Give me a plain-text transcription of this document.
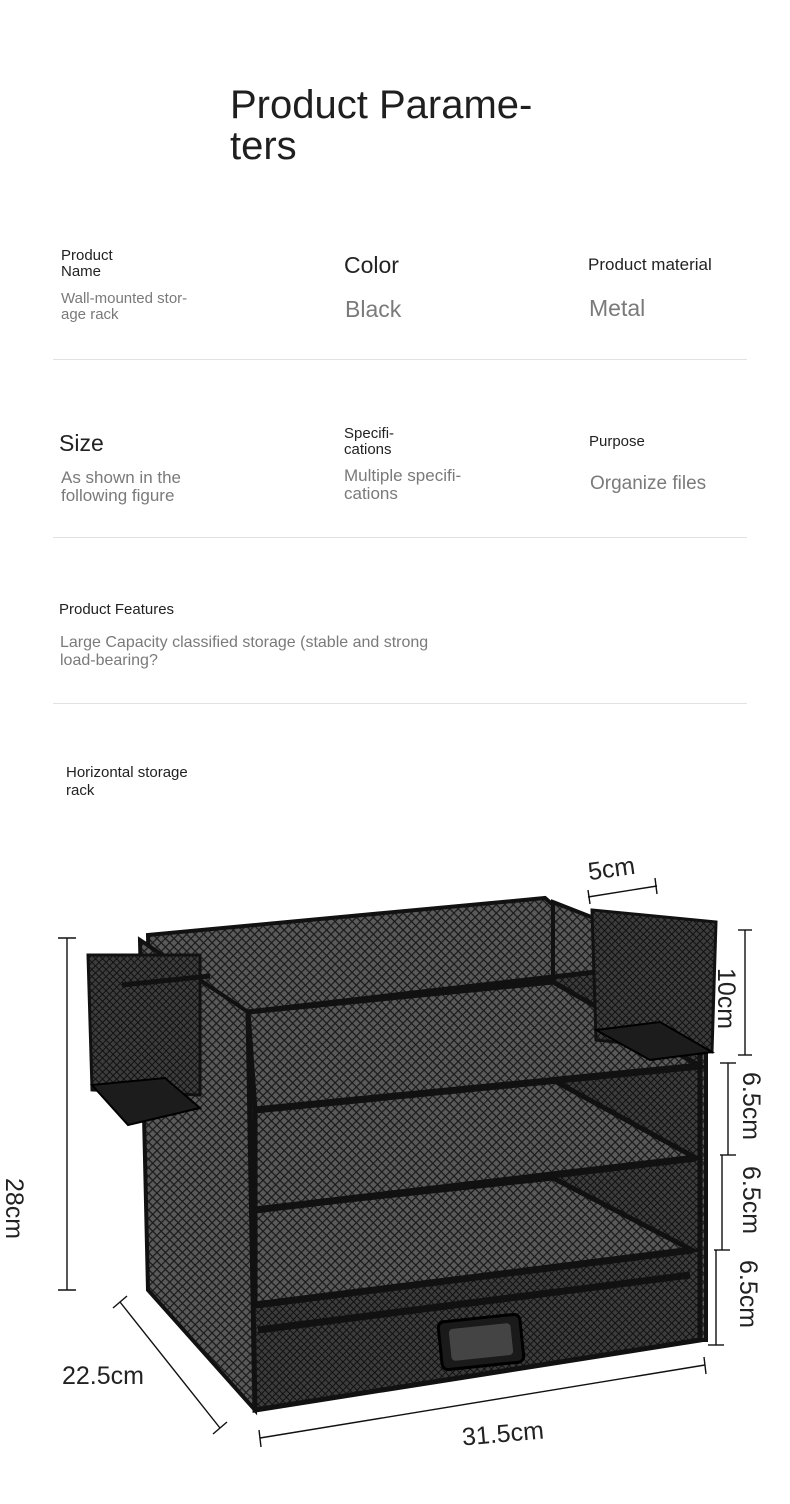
Product Parame-
ters
Product
Name
Wall-mounted stor-
age rack
Color
Black
Product material
Metal
Size
As shown in the
following figure
Specifi-
cations
Multiple specifi-
cations
Purpose
Organize files
Product Features
Large Capacity classified storage (stable and strong
load-bearing?
Horizontal storage
rack
5cm
10cm
28cm
6.5cm
6.5cm
6.5cm
22.5cm
31.5cm
